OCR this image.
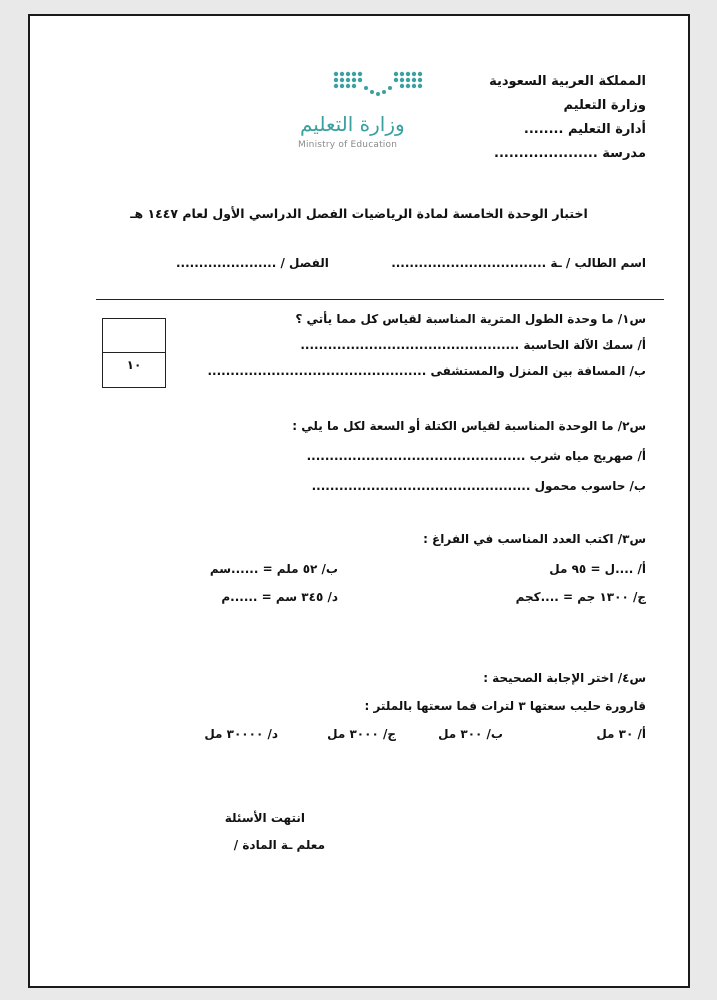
المملكة العربية السعودية
وزارة التعليم
أدارة التعليم ........
مدرسة .....................
وزارة التعليم
Ministry of Education
اختبار الوحدة الخامسة لمادة الرياضيات الفصل الدراسي الأول لعام ١٤٤٧ هـ
اسم الطالب / ـة ..................................
الفصل / ......................
١٠
س١/ ما وحدة الطول المترية المناسبة لقياس كل مما يأتي ؟
أ/ سمك الآلة الحاسبة ................................................
ب/ المسافة بين المنزل والمستشفى ................................................
س٢/ ما الوحدة المناسبة لقياس الكتلة أو السعة لكل ما يلي :
أ/ صهريج مياه شرب ................................................
ب/ حاسوب محمول ................................................
س٣/ اكتب العدد المناسب في الفراغ :
أ/ ....ل = ٩٥ مل
ب/ ٥٢ ملم = ......سم
ج/ ١٣٠٠ جم = ....كجم
د/ ٣٤٥ سم = ......م
س٤/ اختر الإجابة الصحيحة :
قارورة حليب سعتها ٣ لترات فما سعتها بالملتر :
أ/ ٣٠ مل
ب/ ٣٠٠ مل
ج/ ٣٠٠٠ مل
د/ ٣٠٠٠٠ مل
انتهت الأسئلة
معلم ـة المادة /
